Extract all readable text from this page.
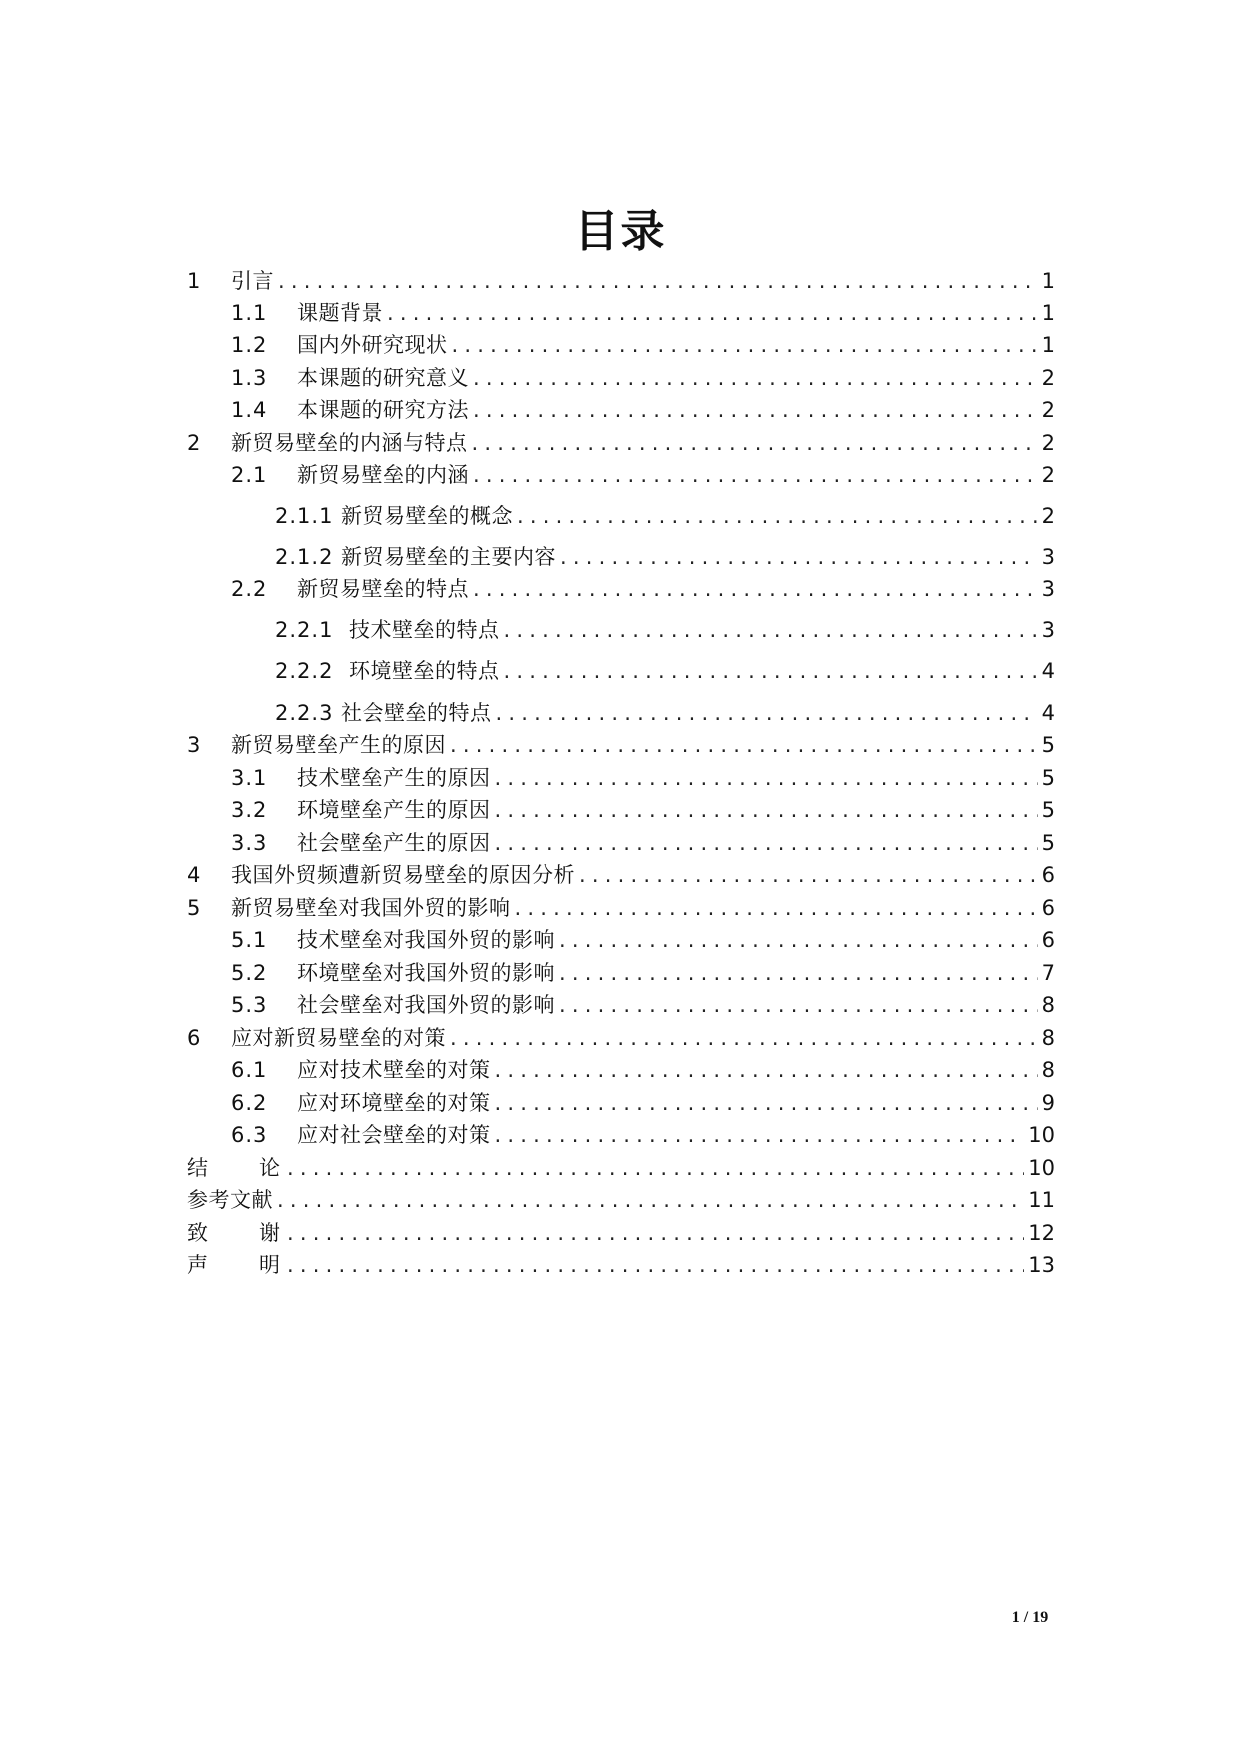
目录
1	引言 .....	1
1.1	课题背景 .....	1
1.2	国内外研究现状 .....	1
1.3	本课题的研究意义 .....	2
1.4	本课题的研究方法 .....	2
2	新贸易壁垒的内涵与特点 .....	2
2.1	新贸易壁垒的内涵 .....	2
2.1.1 新贸易壁垒的概念 .....	2
2.1.2 新贸易壁垒的主要内容 .....	3
2.2	新贸易壁垒的特点 .....	3
2.2.1 技术壁垒的特点 .....	3
2.2.2 环境壁垒的特点 .....	4
2.2.3 社会壁垒的特点 .....	4
3	新贸易壁垒产生的原因 .....	5
3.1	技术壁垒产生的原因 .....	5
3.2	环境壁垒产生的原因 .....	5
3.3	社会壁垒产生的原因 .....	5
4	我国外贸频遭新贸易壁垒的原因分析 .....	6
5	新贸易壁垒对我国外贸的影响 .....	6
5.1	技术壁垒对我国外贸的影响 .....	6
5.2	环境壁垒对我国外贸的影响 .....	7
5.3	社会壁垒对我国外贸的影响 .....	8
6	应对新贸易壁垒的对策 .....	8
6.1	应对技术壁垒的对策 .....	8
6.2	应对环境壁垒的对策 .....	9
6.3	应对社会壁垒的对策 .....	10
结　　论 .....	10
参考文献 .....	11
致　　谢 .....	12
声　　明 .....	13
1 / 19
